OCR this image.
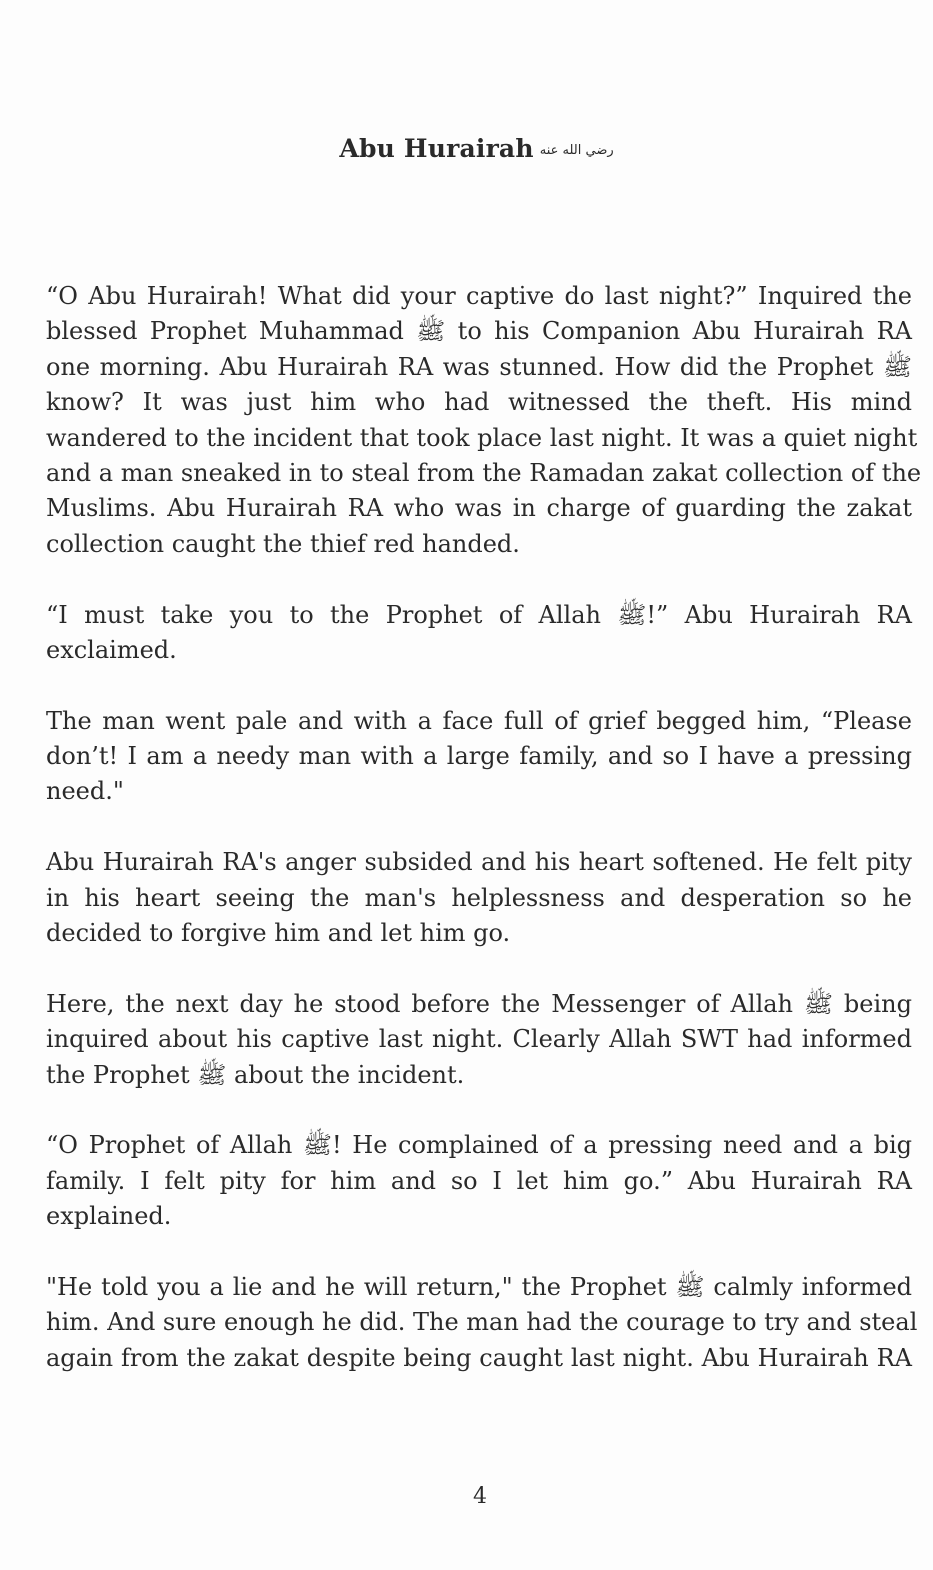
Abu Hurairah رضي الله عنه
“O Abu Hurairah! What did your captive do last night?” Inquired the
blessed Prophet Muhammad ﷺ to his Companion Abu Hurairah RA
one morning. Abu Hurairah RA was stunned. How did the Prophet ﷺ
know? It was just him who had witnessed the theft. His mind
wandered to the incident that took place last night. It was a quiet night
and a man sneaked in to steal from the Ramadan zakat collection of the
Muslims. Abu Hurairah RA who was in charge of guarding the zakat
collection caught the thief red handed.
“I must take you to the Prophet of Allah ﷺ!” Abu Hurairah RA
exclaimed.
The man went pale and with a face full of grief begged him, “Please
don’t! I am a needy man with a large family, and so I have a pressing
need."
Abu Hurairah RA's anger subsided and his heart softened. He felt pity
in his heart seeing the man's helplessness and desperation so he
decided to forgive him and let him go.
Here, the next day he stood before the Messenger of Allah ﷺ being
inquired about his captive last night. Clearly Allah SWT had informed
the Prophet ﷺ about the incident.
“O Prophet of Allah ﷺ! He complained of a pressing need and a big
family. I felt pity for him and so I let him go.” Abu Hurairah RA
explained.
"He told you a lie and he will return," the Prophet ﷺ calmly informed
him. And sure enough he did. The man had the courage to try and steal
again from the zakat despite being caught last night. Abu Hurairah RA
4
